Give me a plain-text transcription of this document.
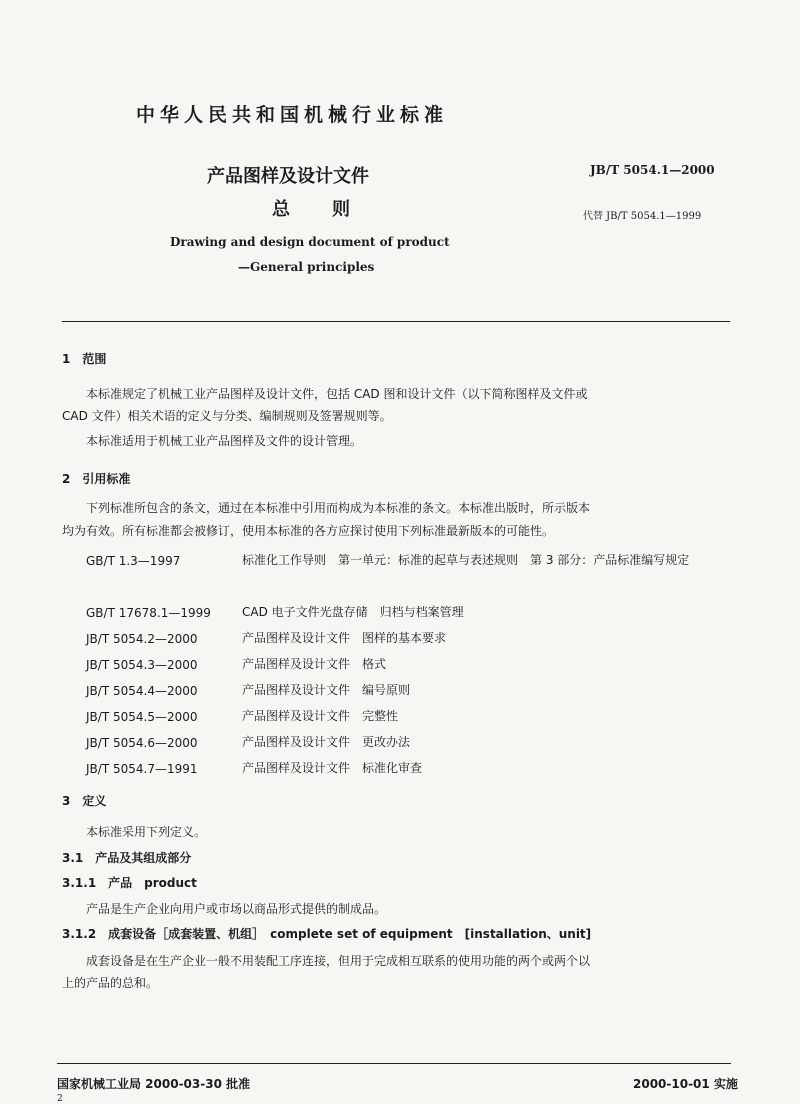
中华人民共和国机械行业标准
产品图样及设计文件
总　则
JB/T 5054.1—2000
代替 JB/T 5054.1—1999
Drawing and design document of product
—General principles
1　范围
本标准规定了机械工业产品图样及设计文件，包括 CAD 图和设计文件（以下简称图样及文件或
CAD 文件）相关术语的定义与分类、编制规则及签署规则等。
本标准适用于机械工业产品图样及文件的设计管理。
2　引用标准
下列标准所包含的条文，通过在本标准中引用而构成为本标准的条文。本标准出版时，所示版本
均为有效。所有标准都会被修订，使用本标准的各方应探讨使用下列标准最新版本的可能性。
GB/T 1.3—1997	标准化工作导则　第一单元：标准的起草与表述规则　第 3 部分：产品标准编写规定
GB/T 17678.1—1999	CAD 电子文件光盘存储　归档与档案管理
JB/T 5054.2—2000	产品图样及设计文件　图样的基本要求
JB/T 5054.3—2000	产品图样及设计文件　格式
JB/T 5054.4—2000	产品图样及设计文件　编号原则
JB/T 5054.5—2000	产品图样及设计文件　完整性
JB/T 5054.6—2000	产品图样及设计文件　更改办法
JB/T 5054.7—1991	产品图样及设计文件　标准化审查
3　定义
本标准采用下列定义。
3.1　产品及其组成部分
3.1.1　产品　product
产品是生产企业向用户或市场以商品形式提供的制成品。
3.1.2　成套设备［成套装置、机组］　complete set of equipment　[installation、unit]
成套设备是在生产企业一般不用装配工序连接，但用于完成相互联系的使用功能的两个或两个以
上的产品的总和。
国家机械工业局 2000-03-30 批准	2000-10-01 实施
2
